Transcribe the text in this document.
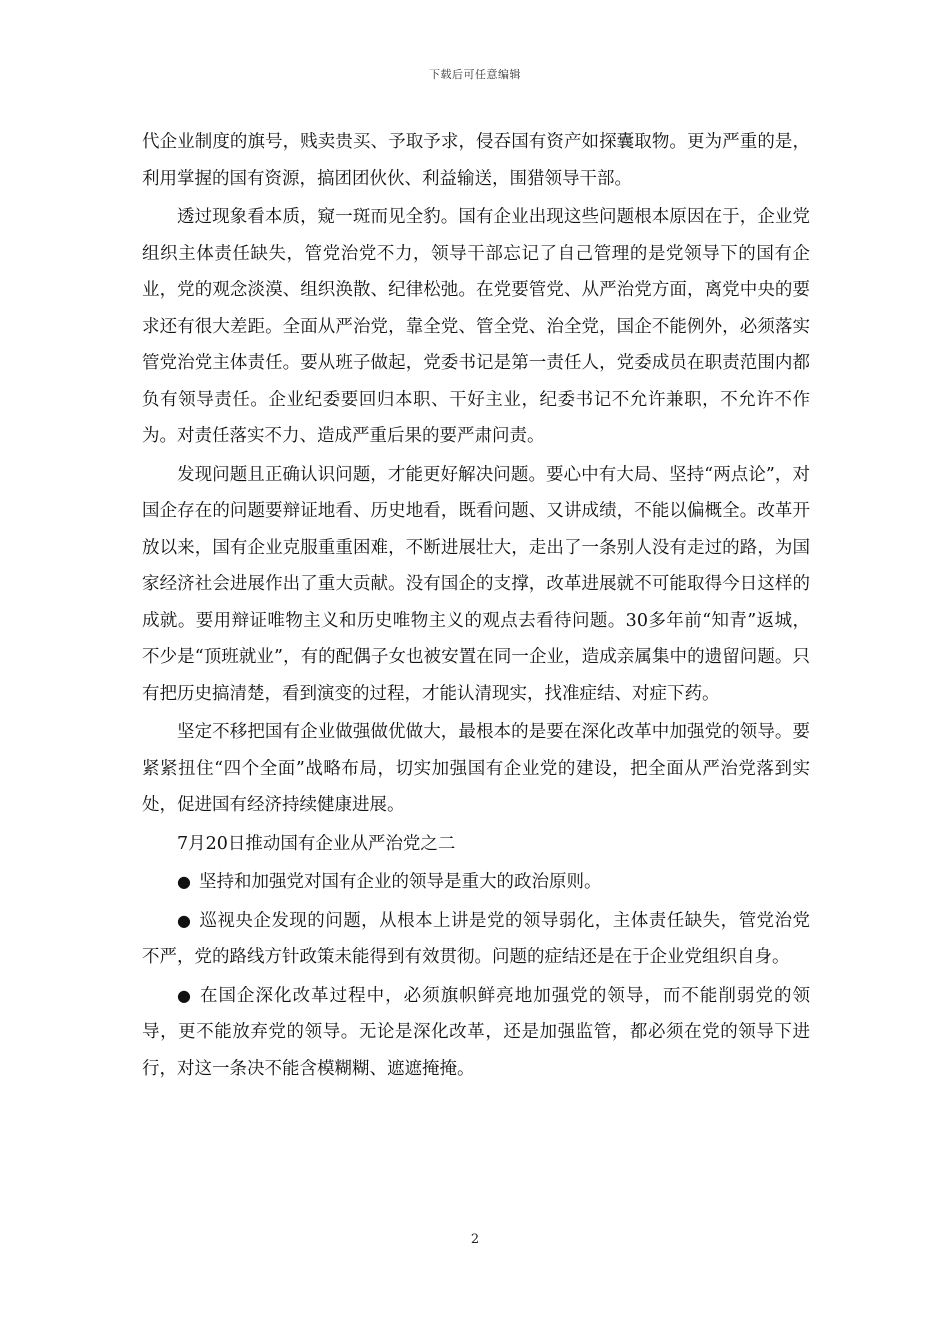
下载后可任意编辑

代企业制度的旗号，贱卖贵买、予取予求，侵吞国有资产如探囊取物。更为严重的是，利用掌握的国有资源，搞团团伙伙、利益输送，围猎领导干部。

透过现象看本质，窥一斑而见全豹。国有企业出现这些问题根本原因在于，企业党组织主体责任缺失，管党治党不力，领导干部忘记了自己管理的是党领导下的国有企业，党的观念淡漠、组织涣散、纪律松弛。在党要管党、从严治党方面，离党中央的要求还有很大差距。全面从严治党，靠全党、管全党、治全党，国企不能例外，必须落实管党治党主体责任。要从班子做起，党委书记是第一责任人，党委成员在职责范围内都负有领导责任。企业纪委要回归本职、干好主业，纪委书记不允许兼职，不允许不作为。对责任落实不力、造成严重后果的要严肃问责。

发现问题且正确认识问题，才能更好解决问题。要心中有大局、坚持“两点论”，对国企存在的问题要辩证地看、历史地看，既看问题、又讲成绩，不能以偏概全。改革开放以来，国有企业克服重重困难，不断进展壮大，走出了一条别人没有走过的路，为国家经济社会进展作出了重大贡献。没有国企的支撑，改革进展就不可能取得今日这样的成就。要用辩证唯物主义和历史唯物主义的观点去看待问题。30多年前“知青”返城，不少是“顶班就业”，有的配偶子女也被安置在同一企业，造成亲属集中的遗留问题。只有把历史搞清楚，看到演变的过程，才能认清现实，找准症结、对症下药。

坚定不移把国有企业做强做优做大，最根本的是要在深化改革中加强党的领导。要紧紧扭住“四个全面”战略布局，切实加强国有企业党的建设，把全面从严治党落到实处，促进国有经济持续健康进展。

7月20日推动国有企业从严治党之二

● 坚持和加强党对国有企业的领导是重大的政治原则。

● 巡视央企发现的问题，从根本上讲是党的领导弱化，主体责任缺失，管党治党不严，党的路线方针政策未能得到有效贯彻。问题的症结还是在于企业党组织自身。

● 在国企深化改革过程中，必须旗帜鲜亮地加强党的领导，而不能削弱党的领导，更不能放弃党的领导。无论是深化改革，还是加强监管，都必须在党的领导下进行，对这一条决不能含模糊糊、遮遮掩掩。

2
